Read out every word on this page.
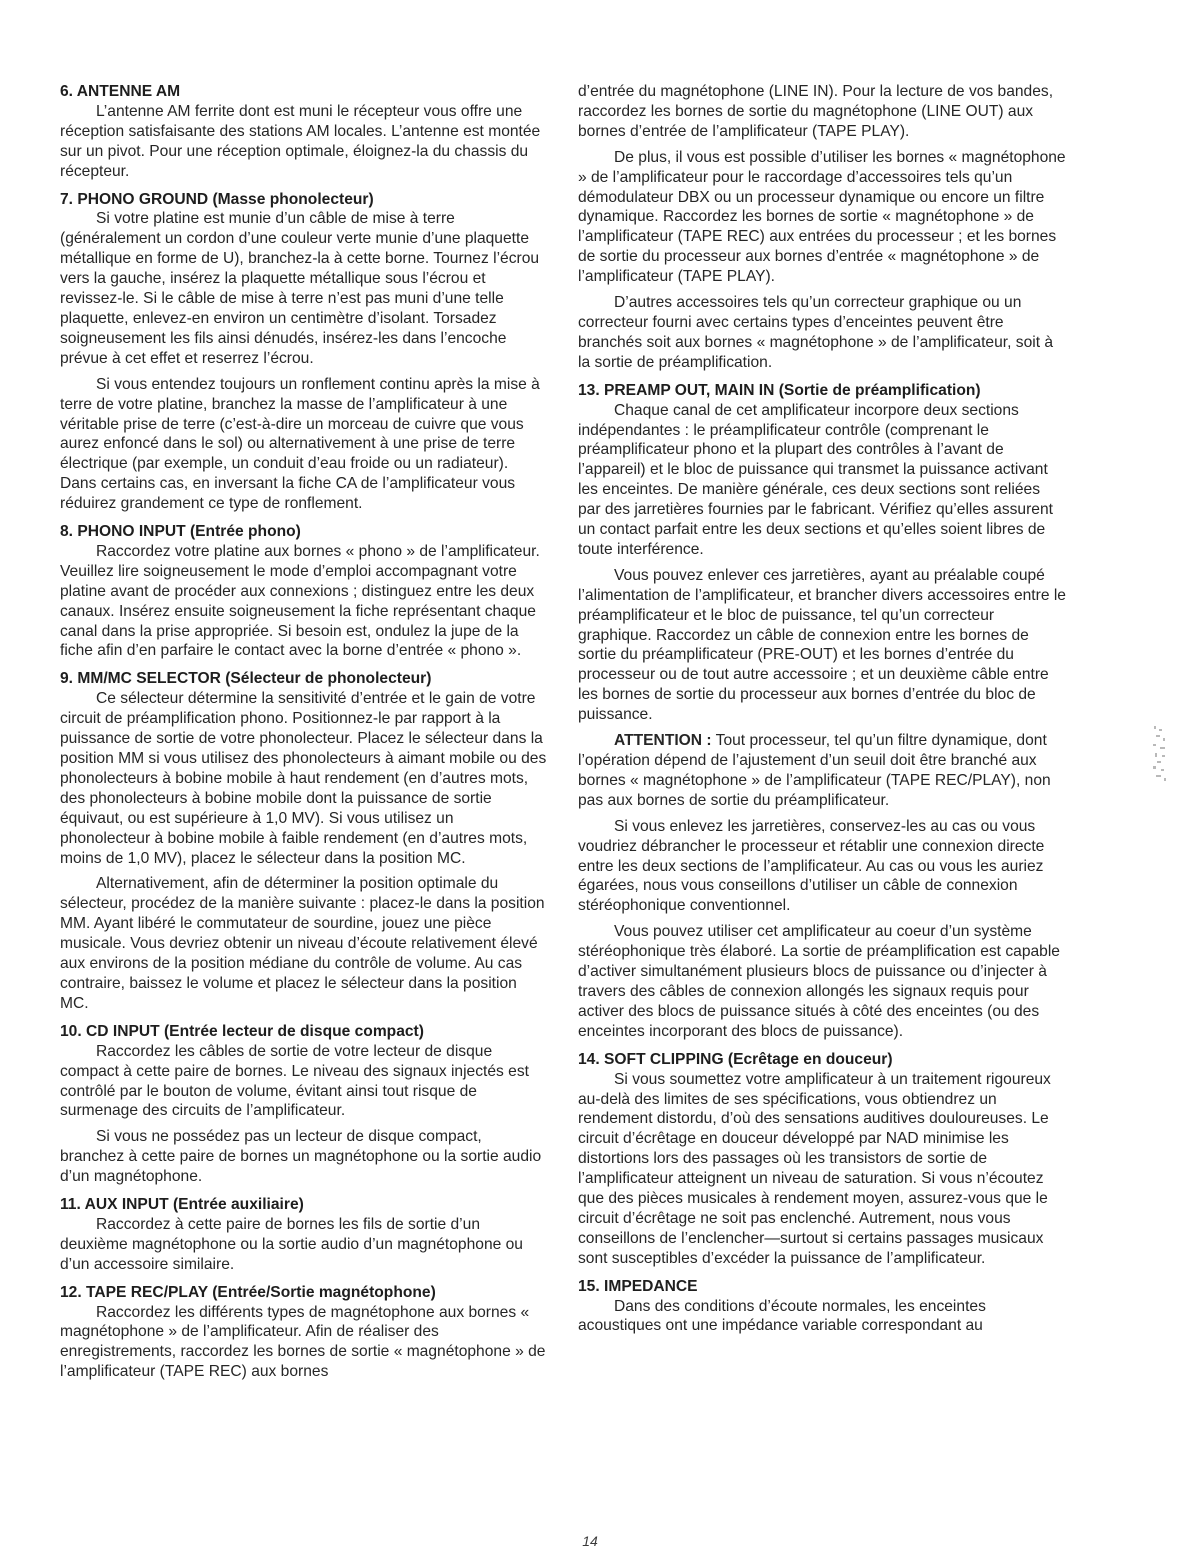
6. ANTENNE AM

L’antenne AM ferrite dont est muni le récepteur vous offre une réception satisfaisante des stations AM locales. L’antenne est montée sur un pivot. Pour une réception optimale, éloignez-la du chassis du récepteur.

7. PHONO GROUND (Masse phonolecteur)

Si votre platine est munie d’un câble de mise à terre (généralement un cordon d’une couleur verte munie d’une plaquette métallique en forme de U), branchez-la à cette borne. Tournez l’écrou vers la gauche, insérez la plaquette métallique sous l’écrou et revissez-le. Si le câble de mise à terre n’est pas muni d’une telle plaquette, enlevez-en environ un centimètre d’isolant. Torsadez soigneusement les fils ainsi dénudés, insérez-les dans l’encoche prévue à cet effet et reserrez l’écrou.

Si vous entendez toujours un ronflement continu après la mise à terre de votre platine, branchez la masse de l’amplificateur à une véritable prise de terre (c’est-à-dire un morceau de cuivre que vous aurez enfoncé dans le sol) ou alternativement à une prise de terre électrique (par exemple, un conduit d’eau froide ou un radiateur). Dans certains cas, en inversant la fiche CA de l’amplificateur vous réduirez grandement ce type de ronflement.

8. PHONO INPUT (Entrée phono)

Raccordez votre platine aux bornes « phono » de l’amplificateur. Veuillez lire soigneusement le mode d’emploi accompagnant votre platine avant de procéder aux connexions ; distinguez entre les deux canaux. Insérez ensuite soigneusement la fiche représentant chaque canal dans la prise appropriée. Si besoin est, ondulez la jupe de la fiche afin d’en parfaire le contact avec la borne d’entrée « phono ».

9. MM/MC SELECTOR (Sélecteur de phonolecteur)

Ce sélecteur détermine la sensitivité d’entrée et le gain de votre circuit de préamplification phono. Positionnez-le par rapport à la puissance de sortie de votre phonolecteur. Placez le sélecteur dans la position MM si vous utilisez des phonolecteurs à aimant mobile ou des phonolecteurs à bobine mobile à haut rendement (en d’autres mots, des phonolecteurs à bobine mobile dont la puissance de sortie équivaut, ou est supérieure à 1,0 MV). Si vous utilisez un phonolecteur à bobine mobile à faible rendement (en d’autres mots, moins de 1,0 MV), placez le sélecteur dans la position MC.

Alternativement, afin de déterminer la position optimale du sélecteur, procédez de la manière suivante : placez-le dans la position MM. Ayant libéré le commutateur de sourdine, jouez une pièce musicale. Vous devriez obtenir un niveau d’écoute relativement élevé aux environs de la position médiane du contrôle de volume. Au cas contraire, baissez le volume et placez le sélecteur dans la position MC.

10. CD INPUT (Entrée lecteur de disque compact)

Raccordez les câbles de sortie de votre lecteur de disque compact à cette paire de bornes. Le niveau des signaux injectés est contrôlé par le bouton de volume, évitant ainsi tout risque de surmenage des circuits de l’amplificateur.

Si vous ne possédez pas un lecteur de disque compact, branchez à cette paire de bornes un magnétophone ou la sortie audio d’un magnétophone.

11. AUX INPUT (Entrée auxiliaire)

Raccordez à cette paire de bornes les fils de sortie d’un deuxième magnétophone ou la sortie audio d’un magnétophone ou d’un accessoire similaire.

12. TAPE REC/PLAY (Entrée/Sortie magnétophone)

Raccordez les différents types de magnétophone aux bornes « magnétophone » de l’amplificateur. Afin de réaliser des enregistrements, raccordez les bornes de sortie « magnétophone » de l’amplificateur (TAPE REC) aux bornes

d’entrée du magnétophone (LINE IN). Pour la lecture de vos bandes, raccordez les bornes de sortie du magnétophone (LINE OUT) aux bornes d’entrée de l’amplificateur (TAPE PLAY).

De plus, il vous est possible d’utiliser les bornes « magnétophone » de l’amplificateur pour le raccordage d’accessoires tels qu’un démodulateur DBX ou un processeur dynamique ou encore un filtre dynamique. Raccordez les bornes de sortie « magnétophone » de l’amplificateur (TAPE REC) aux entrées du processeur ; et les bornes de sortie du processeur aux bornes d’entrée « magnétophone » de l’amplificateur (TAPE PLAY).

D’autres accessoires tels qu’un correcteur graphique ou un correcteur fourni avec certains types d’enceintes peuvent être branchés soit aux bornes « magnétophone » de l’amplificateur, soit à la sortie de préamplification.

13. PREAMP OUT, MAIN IN (Sortie de préamplification)

Chaque canal de cet amplificateur incorpore deux sections indépendantes : le préamplificateur contrôle (comprenant le préamplificateur phono et la plupart des contrôles à l’avant de l’appareil) et le bloc de puissance qui transmet la puissance activant les enceintes. De manière générale, ces deux sections sont reliées par des jarretières fournies par le fabricant. Vérifiez qu’elles assurent un contact parfait entre les deux sections et qu’elles soient libres de toute interférence.

Vous pouvez enlever ces jarretières, ayant au préalable coupé l’alimentation de l’amplificateur, et brancher divers accessoires entre le préamplificateur et le bloc de puissance, tel qu’un correcteur graphique. Raccordez un câble de connexion entre les bornes de sortie du préamplificateur (PRE-OUT) et les bornes d’entrée du processeur ou de tout autre accessoire ; et un deuxième câble entre les bornes de sortie du processeur aux bornes d’entrée du bloc de puissance.

ATTENTION : Tout processeur, tel qu’un filtre dynamique, dont l’opération dépend de l’ajustement d’un seuil doit être branché aux bornes « magnétophone » de l’amplificateur (TAPE REC/PLAY), non pas aux bornes de sortie du préamplificateur.

Si vous enlevez les jarretières, conservez-les au cas ou vous voudriez débrancher le processeur et rétablir une connexion directe entre les deux sections de l’amplificateur. Au cas ou vous les auriez égarées, nous vous conseillons d’utiliser un câble de connexion stéréophonique conventionnel.

Vous pouvez utiliser cet amplificateur au coeur d’un système stéréophonique très élaboré. La sortie de préamplification est capable d’activer simultanément plusieurs blocs de puissance ou d’injecter à travers des câbles de connexion allongés les signaux requis pour activer des blocs de puissance situés à côté des enceintes (ou des enceintes incorporant des blocs de puissance).

14. SOFT CLIPPING (Ecrêtage en douceur)

Si vous soumettez votre amplificateur à un traitement rigoureux au-delà des limites de ses spécifications, vous obtiendrez un rendement distordu, d’où des sensations auditives douloureuses. Le circuit d’écrêtage en douceur développé par NAD minimise les distortions lors des passages où les transistors de sortie de l’amplificateur atteignent un niveau de saturation. Si vous n’écoutez que des pièces musicales à rendement moyen, assurez-vous que le circuit d’écrêtage ne soit pas enclenché. Autrement, nous vous conseillons de l’enclencher—surtout si certains passages musicaux sont susceptibles d’excéder la puissance de l’amplificateur.

15. IMPEDANCE

Dans des conditions d’écoute normales, les enceintes acoustiques ont une impédance variable correspondant au

14
